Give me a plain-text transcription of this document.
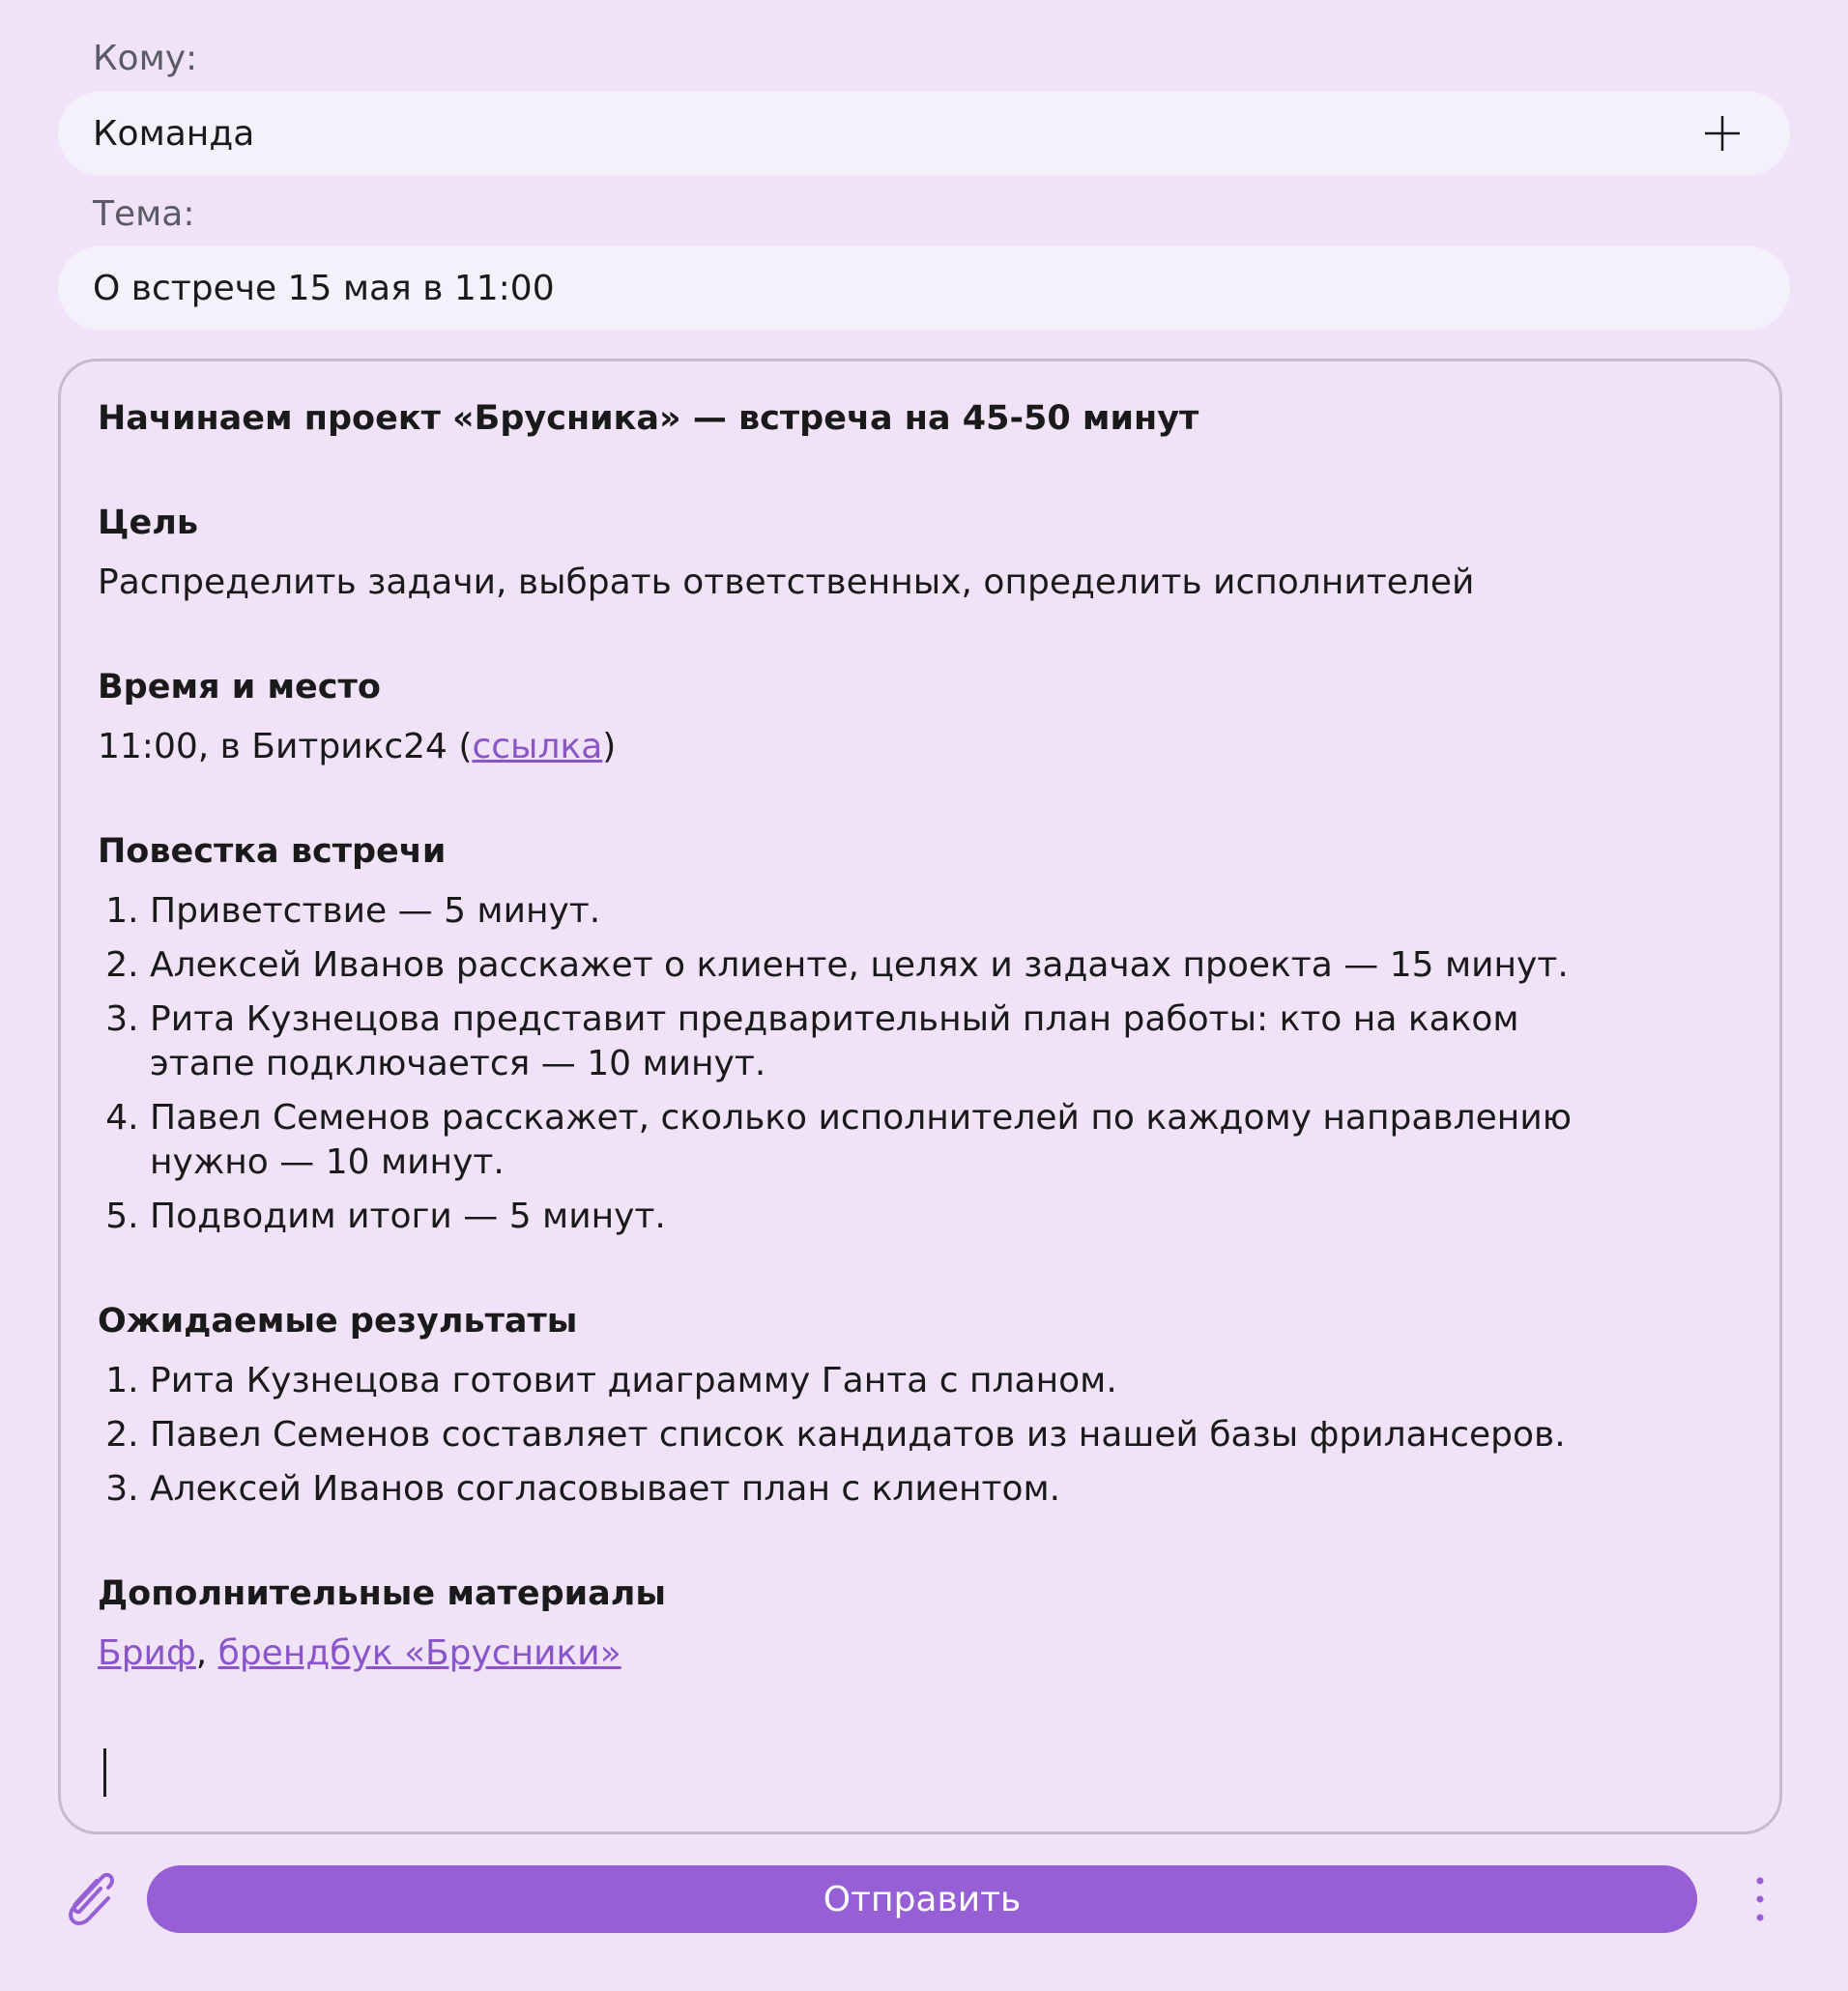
Кому:
Команда
Тема:
О встрече 15 мая в 11:00
Начинаем проект «Брусника» — встреча на 45-50 минут
Цель

Распределить задачи, выбрать ответственных, определить исполнителей

Время и место

11:00, в Битрикс24 (ссылка)

Повестка встречи
1. Приветствие — 5 минут.
2. Алексей Иванов расскажет о клиенте, целях и задачах проекта — 15 минут.
3. Рита Кузнецова представит предварительный план работы: кто на каком этапе подключается — 10 минут.
4. Павел Семенов расскажет, сколько исполнителей по каждому направлению нужно — 10 минут.
5. Подводим итоги — 5 минут.
Ожидаемые результаты
1. Рита Кузнецова готовит диаграмму Ганта с планом.
2. Павел Семенов составляет список кандидатов из нашей базы фрилансеров.
3. Алексей Иванов согласовывает план с клиентом.
Дополнительные материалы

Бриф, брендбук «Брусники»

Отправить
